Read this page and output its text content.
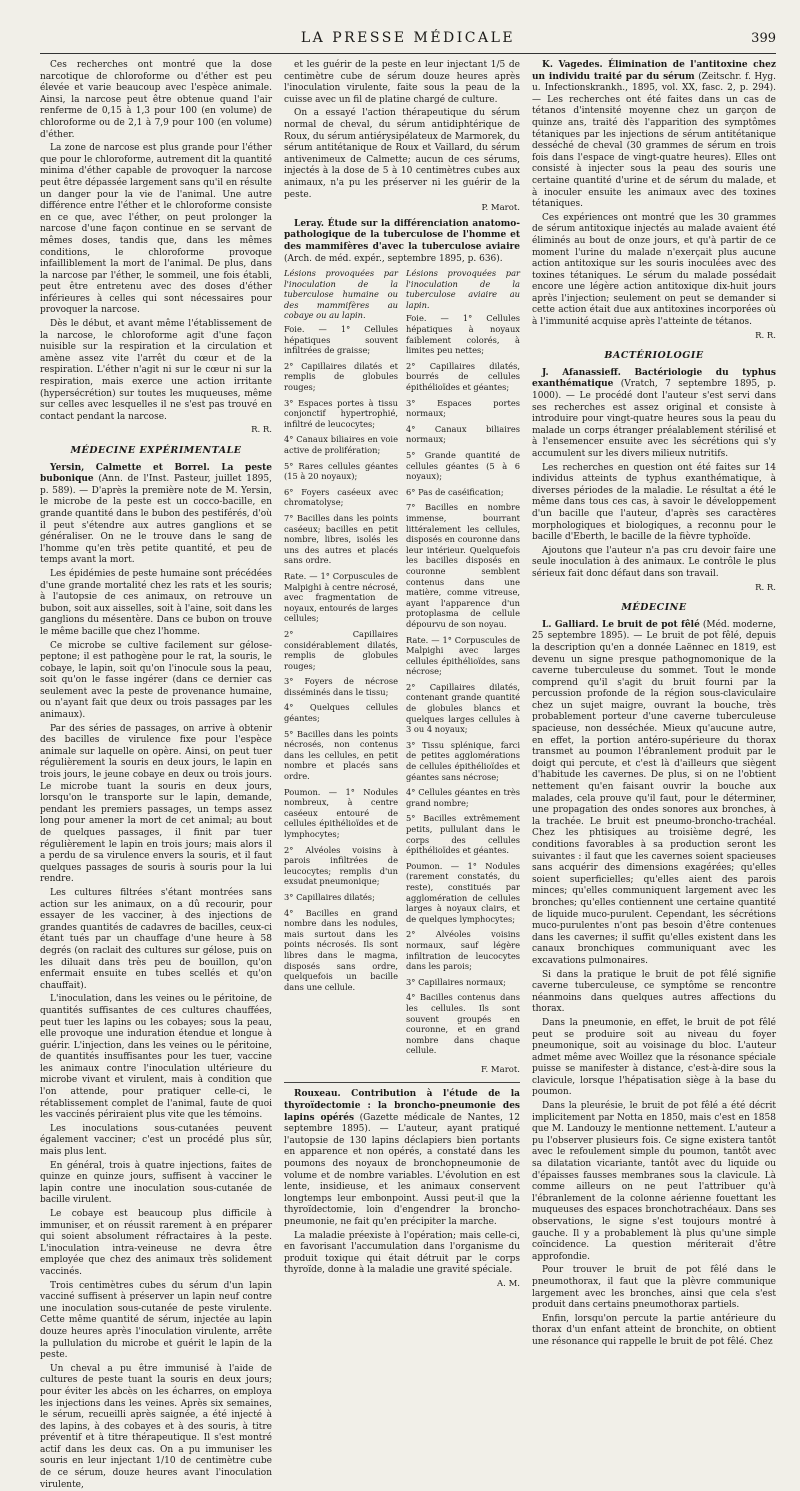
LA PRESSE MÉDICALE	399

Ces recherches ont montré que la dose narcotique de chloroforme ou d'éther est peu élevée et varie beaucoup avec l'espèce animale. Ainsi, la narcose peut être obtenue quand l'air renferme de 0,15 à 1,3 pour 100 (en volume) de chloroforme ou de 2,1 à 7,9 pour 100 (en volume) d'éther.

La zone de narcose est plus grande pour l'éther que pour le chloroforme, autrement dit la quantité minima d'éther capable de provoquer la narcose peut être dépassée largement sans qu'il en résulte un danger pour la vie de l'animal. Une autre différence entre l'éther et le chloroforme consiste en ce que, avec l'éther, on peut prolonger la narcose d'une façon continue en se servant de mêmes doses, tandis que, dans les mêmes conditions, le chloroforme provoque infailliblement la mort de l'animal. De plus, dans la narcose par l'éther, le sommeil, une fois établi, peut être entretenu avec des doses d'éther inférieures à celles qui sont nécessaires pour provoquer la narcose.

Dès le début, et avant même l'établissement de la narcose, le chloroforme agit d'une façon nuisible sur la respiration et la circulation et amène assez vite l'arrêt du cœur et de la respiration. L'éther n'agit ni sur le cœur ni sur la respiration, mais exerce une action irritante (hypersécrétion) sur toutes les muqueuses, même sur celles avec lesquelles il ne s'est pas trouvé en contact pendant la narcose.

R. R.
MÉDECINE EXPÉRIMENTALE

Yersin, Calmette et Borrel. La peste bubonique (Ann. de l'Inst. Pasteur, juillet 1895, p. 589). — D'après la première note de M. Yersin, le microbe de la peste est un cocco-bacille, en grande quantité dans le bubon des pestiférés, d'où il peut s'étendre aux autres ganglions et se généraliser. On ne le trouve dans le sang de l'homme qu'en très petite quantité, et peu de temps avant la mort.

Les épidémies de peste humaine sont précédées d'une grande mortalité chez les rats et les souris; à l'autopsie de ces animaux, on retrouve un bubon, soit aux aisselles, soit à l'aine, soit dans les ganglions du mésentère. Dans ce bubon on trouve le même bacille que chez l'homme.

Ce microbe se cultive facilement sur gélose-peptone; il est pathogène pour le rat, la souris, le cobaye, le lapin, soit qu'on l'inocule sous la peau, soit qu'on le fasse ingérer (dans ce dernier cas seulement avec la peste de provenance humaine, ou n'ayant fait que deux ou trois passages par les animaux).

Par des séries de passages, on arrive à obtenir des bacilles de virulence fixe pour l'espèce animale sur laquelle on opère. Ainsi, on peut tuer régulièrement la souris en deux jours, le lapin en trois jours, le jeune cobaye en deux ou trois jours. Le microbe tuant la souris en deux jours, lorsqu'on le transporte sur le lapin, demande, pendant les premiers passages, un temps assez long pour amener la mort de cet animal; au bout de quelques passages, il finit par tuer régulièrement le lapin en trois jours; mais alors il a perdu de sa virulence envers la souris, et il faut quelques passages de souris à souris pour la lui rendre.

Les cultures filtrées s'étant montrées sans action sur les animaux, on a dû recourir, pour essayer de les vacciner, à des injections de grandes quantités de cadavres de bacilles, ceux-ci étant tués par un chauffage d'une heure à 58 degrés (on raclait des cultures sur gélose, puis on les diluait dans très peu de bouillon, qu'on enfermait ensuite en tubes scellés et qu'on chauffait).

L'inoculation, dans les veines ou le péritoine, de quantités suffisantes de ces cultures chauffées, peut tuer les lapins ou les cobayes; sous la peau, elle provoque une induration étendue et longue à guérir. L'injection, dans les veines ou le péritoine, de quantités insuffisantes pour les tuer, vaccine les animaux contre l'inoculation ultérieure du microbe vivant et virulent, mais à condition que l'on attende, pour pratiquer celle-ci, le rétablissement complet de l'animal, faute de quoi les vaccinés périraient plus vite que les témoins.

Les inoculations sous-cutanées peuvent également vacciner; c'est un procédé plus sûr, mais plus lent.

En général, trois à quatre injections, faites de quinze en quinze jours, suffisent à vacciner le lapin contre une inoculation sous-cutanée de bacille virulent.

Le cobaye est beaucoup plus difficile à immuniser, et on réussit rarement à en préparer qui soient absolument réfractaires à la peste. L'inoculation intra-veineuse ne devra être employée que chez des animaux très solidement vaccinés.

Trois centimètres cubes du sérum d'un lapin vacciné suffisent à préserver un lapin neuf contre une inoculation sous-cutanée de peste virulente. Cette même quantité de sérum, injectée au lapin douze heures après l'inoculation virulente, arrête la pullulation du microbe et guérit le lapin de la peste.

Un cheval a pu être immunisé à l'aide de cultures de peste tuant la souris en deux jours; pour éviter les abcès on les écharres, on employa les injections dans les veines. Après six semaines, le sérum, recueilli après saignée, a été injecté à des lapins, à des cobayes et à des souris, à titre préventif et à titre thérapeutique. Il s'est montré actif dans les deux cas. On a pu immuniser les souris en leur injectant 1/10 de centimètre cube de ce sérum, douze heures avant l'inoculation virulente,

et les guérir de la peste en leur injectant 1/5 de centimètre cube de sérum douze heures après l'inoculation virulente, faite sous la peau de la cuisse avec un fil de platine chargé de culture.

On a essayé l'action thérapeutique du sérum normal de cheval, du sérum antidiphtérique de Roux, du sérum antiérysipélateux de Marmorek, du sérum antitétanique de Roux et Vaillard, du sérum antivenimeux de Calmette; aucun de ces sérums, injectés à la dose de 5 à 10 centimètres cubes aux animaux, n'a pu les préserver ni les guérir de la peste.

P. Marot.

Leray. Étude sur la différenciation anatomo-pathologique de la tuberculose de l'homme et des mammifères d'avec la tuberculose aviaire (Arch. de méd. expér., septembre 1895, p. 636).

Lésions provoquées par l'inoculation de la tuberculose humaine ou des mammifères au cobaye ou au lapin.

Foie. — 1° Cellules hépatiques souvent infiltrées de graisse;

2° Capillaires dilatés et remplis de globules rouges;

3° Espaces portes à tissu conjonctif hypertrophié, infiltré de leucocytes;

4° Canaux biliaires en voie active de prolifération;

5° Rares cellules géantes (15 à 20 noyaux);

6° Foyers caséeux avec chromatolyse;

7° Bacilles dans les points caséeux; bacilles en petit nombre, libres, isolés les uns des autres et placés sans ordre.

Rate. — 1° Corpuscules de Malpighi à centre nécrosé, avec fragmentation de noyaux, entourés de larges cellules;

2° Capillaires considérablement dilatés, remplis de globules rouges;

3° Foyers de nécrose disséminés dans le tissu;

4° Quelques cellules géantes;

5° Bacilles dans les points nécrosés, non contenus dans les cellules, en petit nombre et placés sans ordre.

Poumon. — 1° Nodules nombreux, à centre caséeux entouré de cellules épithélioïdes et de lymphocytes;

2° Alvéoles voisins à parois infiltrées de leucocytes; remplis d'un exsudat pneumonique;

3° Capillaires dilatés;

4° Bacilles en grand nombre dans les nodules, mais surtout dans les points nécrosés. Ils sont libres dans le magma, disposés sans ordre, quelquefois un bacille dans une cellule.

Lésions provoquées par l'inoculation de la tuberculose aviaire au lapin.

Foie. — 1° Cellules hépatiques à noyaux faiblement colorés, à limites peu nettes;

2° Capillaires dilatés, bourrés de cellules épithélioïdes et géantes;

3° Espaces portes normaux;

4° Canaux biliaires normaux;

5° Grande quantité de cellules géantes (5 à 6 noyaux);

6° Pas de caséification;

7° Bacilles en nombre immense, bourrant littéralement les cellules, disposés en couronne dans leur intérieur. Quelquefois les bacilles disposés en couronne semblent contenus dans une matière, comme vitreuse, ayant l'apparence d'un protoplasma de cellule dépourvu de son noyau.

Rate. — 1° Corpuscules de Malpighi avec larges cellules épithélioïdes, sans nécrose;

2° Capillaires dilatés, contenant grande quantité de globules blancs et quelques larges cellules à 3 ou 4 noyaux;

3° Tissu splénique, farci de petites agglomérations de cellules épithélioïdes et géantes sans nécrose;

4° Cellules géantes en très grand nombre;

5° Bacilles extrêmement petits, pullulant dans le corps des cellules épithélioïdes et géantes.

Poumon. — 1° Nodules (rarement constatés, du reste), constitués par agglomération de cellules larges à noyaux clairs, et de quelques lymphocytes;

2° Alvéoles voisins normaux, sauf légère infiltration de leucocytes dans les parois;

3° Capillaires normaux;

4° Bacilles contenus dans les cellules. Ils sont souvent groupés en couronne, et en grand nombre dans chaque cellule.

F. Marot.

Rouxeau. Contribution à l'étude de la thyroïdectomie : la broncho-pneumonie des lapins opérés (Gazette médicale de Nantes, 12 septembre 1895). — L'auteur, ayant pratiqué l'autopsie de 130 lapins déclapiers bien portants en apparence et non opérés, a constaté dans les poumons des noyaux de bronchopneumonie de volume et de nombre variables. L'évolution en est lente, insidieuse, et les animaux conservent longtemps leur embonpoint. Aussi peut-il que la thyroïdectomie, loin d'engendrer la broncho-pneumonie, ne fait qu'en précipiter la marche.

La maladie préexiste à l'opération; mais celle-ci, en favorisant l'accumulation dans l'organisme du produit toxique qui était détruit par le corps thyroïde, donne à la maladie une gravité spéciale.

A. M.

K. Vagedes. Élimination de l'antitoxine chez un individu traité par du sérum (Zeitschr. f. Hyg. u. Infectionskrankh., 1895, vol. XX, fasc. 2, p. 294). — Les recherches ont été faites dans un cas de tétanos d'intensité moyenne chez un garçon de quinze ans, traité dès l'apparition des symptômes tétaniques par les injections de sérum antitétanique desséché de cheval (30 grammes de sérum en trois fois dans l'espace de vingt-quatre heures). Elles ont consisté à injecter sous la peau des souris une certaine quantité d'urine et de sérum du malade, et à inoculer ensuite les animaux avec des toxines tétaniques.

Ces expériences ont montré que les 30 grammes de sérum antitoxique injectés au malade avaient été éliminés au bout de onze jours, et qu'à partir de ce moment l'urine du malade n'exerçait plus aucune action antitoxique sur les souris inoculées avec des toxines tétaniques. Le sérum du malade possédait encore une légère action antitoxique dix-huit jours après l'injection; seulement on peut se demander si cette action était due aux antitoxines incorporées où à l'immunité acquise après l'atteinte de tétanos.

R. R.
BACTÉRIOLOGIE

J. Afanassieff. Bactériologie du typhus exanthématique (Vratch, 7 septembre 1895, p. 1000). — Le procédé dont l'auteur s'est servi dans ses recherches est assez original et consiste à introduire pour vingt-quatre heures sous la peau du malade un corps étranger préalablement stérilisé et à l'ensemencer ensuite avec les sécrétions qui s'y accumulent sur les divers milieux nutritifs.

Les recherches en question ont été faites sur 14 individus atteints de typhus exanthématique, à diverses périodes de la maladie. Le résultat a été le même dans tous ces cas, à savoir le développement d'un bacille que l'auteur, d'après ses caractères morphologiques et biologiques, a reconnu pour le bacille d'Eberth, le bacille de la fièvre typhoïde.

Ajoutons que l'auteur n'a pas cru devoir faire une seule inoculation à des animaux. Le contrôle le plus sérieux fait donc défaut dans son travail.

R. R.
MÉDECINE

L. Galliard. Le bruit de pot fêlé (Méd. moderne, 25 septembre 1895). — Le bruit de pot fêlé, depuis la description qu'en a donnée Laënnec en 1819, est devenu un signe presque pathognomonique de la caverne tuberculeuse du sommet. Tout le monde comprend qu'il s'agit du bruit fourni par la percussion profonde de la région sous-claviculaire chez un sujet maigre, ouvrant la bouche, très probablement porteur d'une caverne tuberculeuse spacieuse, non desséchée. Mieux qu'aucune autre, en effet, la portion antéro-supérieure du thorax transmet au poumon l'ébranlement produit par le doigt qui percute, et c'est là d'ailleurs que siègent d'habitude les cavernes. De plus, si on ne l'obtient nettement qu'en faisant ouvrir la bouche aux malades, cela prouve qu'il faut, pour le déterminer, une propagation des ondes sonores aux bronches, à la trachée. Le bruit est pneumo-broncho-trachéal. Chez les phtisiques au troisième degré, les conditions favorables à sa production seront les suivantes : il faut que les cavernes soient spacieuses sans acquérir des dimensions exagérées; qu'elles soient superficielles; qu'elles aient des parois minces; qu'elles communiquent largement avec les bronches; qu'elles contiennent une certaine quantité de liquide muco-purulent. Cependant, les sécrétions muco-purulentes n'ont pas besoin d'être contenues dans les cavernes; il suffit qu'elles existent dans les canaux bronchiques communiquant avec les excavations pulmonaires.

Si dans la pratique le bruit de pot fêlé signifie caverne tuberculeuse, ce symptôme se rencontre néanmoins dans quelques autres affections du thorax.

Dans la pneumonie, en effet, le bruit de pot fêlé peut se produire soit au niveau du foyer pneumonique, soit au voisinage du bloc. L'auteur admet même avec Woillez que la résonance spéciale puisse se manifester à distance, c'est-à-dire sous la clavicule, lorsque l'hépatisation siège à la base du poumon.

Dans la pleurésie, le bruit de pot fêlé a été décrit implicitement par Notta en 1850, mais c'est en 1858 que M. Landouzy le mentionne nettement. L'auteur a pu l'observer plusieurs fois. Ce signe existera tantôt avec le refoulement simple du poumon, tantôt avec sa dilatation vicariante, tantôt avec du liquide ou d'épaisses fausses membranes sous la clavicule. Là comme ailleurs on ne peut l'attribuer qu'à l'ébranlement de la colonne aérienne fouettant les muqueuses des espaces bronchotrachéaux. Dans ses observations, le signe s'est toujours montré à gauche. Il y a probablement là plus qu'une simple coïncidence. La question mériterait d'être approfondie.

Pour trouver le bruit de pot fêlé dans le pneumothorax, il faut que la plèvre communique largement avec les bronches, ainsi que cela s'est produit dans certains pneumothorax partiels.

Enfin, lorsqu'on percute la partie antérieure du thorax d'un enfant atteint de bronchite, on obtient une résonance qui rappelle le bruit de pot fêlé. Chez
